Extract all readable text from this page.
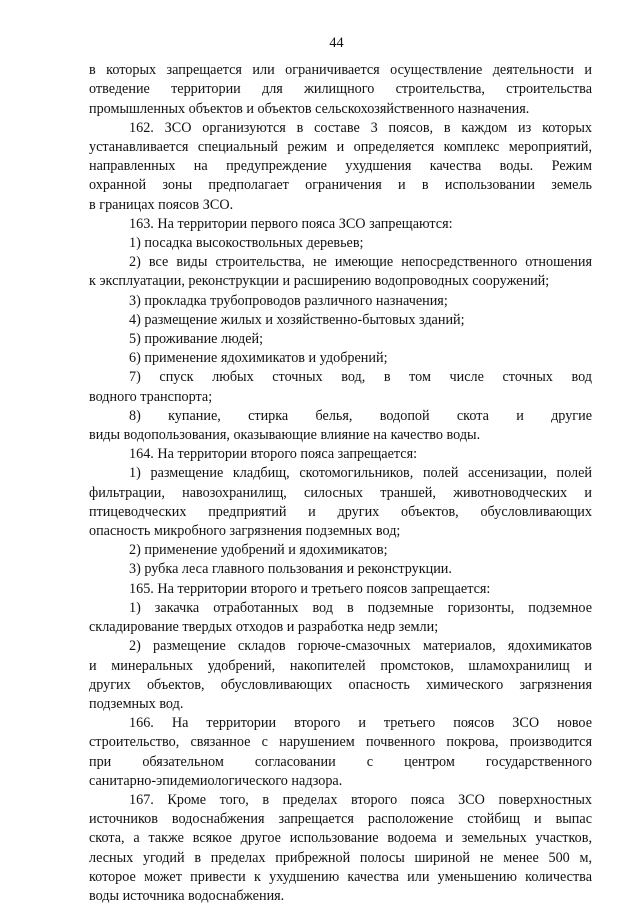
44
в которых запрещается или ограничивается осуществление деятельности и
отведение территории для жилищного строительства, строительства
промышленных объектов и объектов сельскохозяйственного назначения.
162. ЗСО организуются в составе 3 поясов, в каждом из которых
устанавливается специальный режим и определяется комплекс мероприятий,
направленных на предупреждение ухудшения качества воды. Режим
охранной зоны предполагает ограничения и в использовании земель
в границах поясов ЗСО.
163. На территории первого пояса ЗСО запрещаются:
1) посадка высокоствольных деревьев;
2) все виды строительства, не имеющие непосредственного отношения
к эксплуатации, реконструкции и расширению водопроводных сооружений;
3) прокладка трубопроводов различного назначения;
4) размещение жилых и хозяйственно-бытовых зданий;
5) проживание людей;
6) применение ядохимикатов и удобрений;
7) спуск любых сточных вод, в том числе сточных вод
водного транспорта;
8) купание, стирка белья, водопой скота и другие
виды водопользования, оказывающие влияние на качество воды.
164. На территории второго пояса запрещается:
1) размещение кладбищ, скотомогильников, полей ассенизации, полей
фильтрации, навозохранилищ, силосных траншей, животноводческих и
птицеводческих предприятий и других объектов, обусловливающих
опасность микробного загрязнения подземных вод;
2) применение удобрений и ядохимикатов;
3) рубка леса главного пользования и реконструкции.
165. На территории второго и третьего поясов запрещается:
1) закачка отработанных вод в подземные горизонты, подземное
складирование твердых отходов и разработка недр земли;
2) размещение складов горюче-смазочных материалов, ядохимикатов
и минеральных удобрений, накопителей промстоков, шламохранилищ и
других объектов, обусловливающих опасность химического загрязнения
подземных вод.
166. На территории второго и третьего поясов ЗСО новое
строительство, связанное с нарушением почвенного покрова, производится
при обязательном согласовании с центром государственного
санитарно-эпидемиологического надзора.
167. Кроме того, в пределах второго пояса ЗСО поверхностных
источников водоснабжения запрещается расположение стойбищ и выпас
скота, а также всякое другое использование водоема и земельных участков,
лесных угодий в пределах прибрежной полосы шириной не менее 500 м,
которое может привести к ухудшению качества или уменьшению количества
воды источника водоснабжения.
